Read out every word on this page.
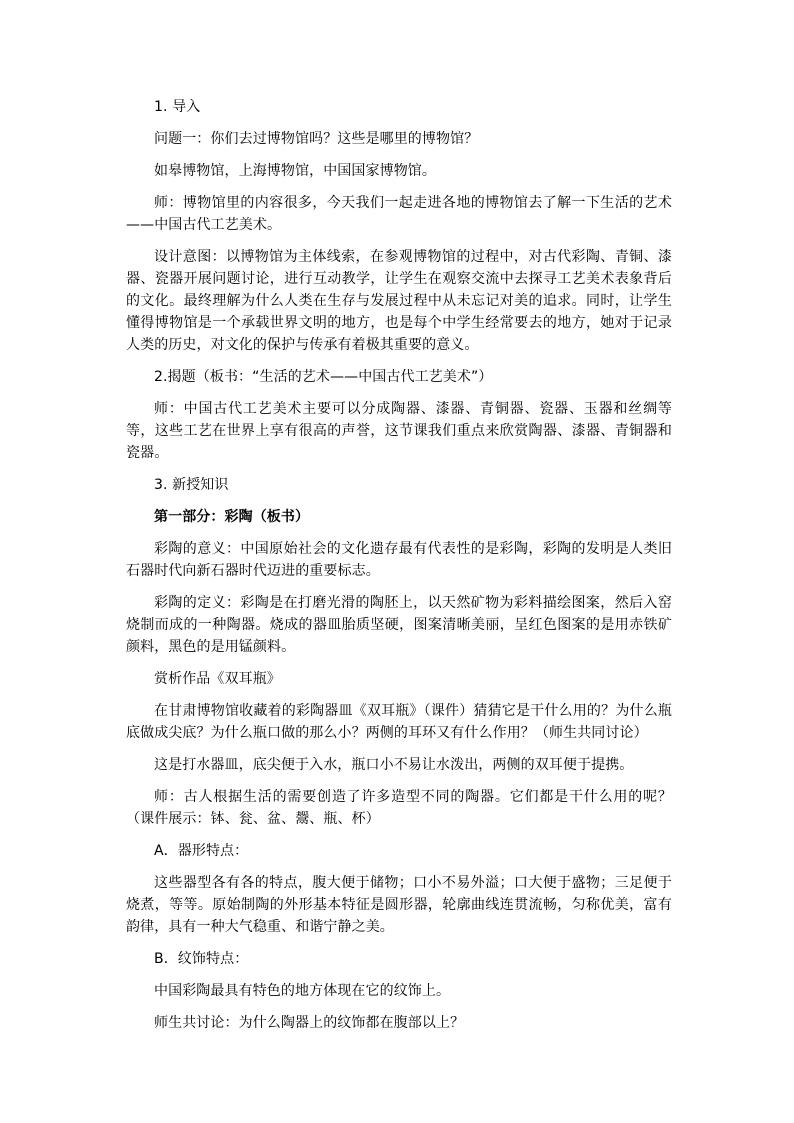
1. 导入

问题一：你们去过博物馆吗？这些是哪里的博物馆？

如皋博物馆，上海博物馆，中国国家博物馆。

师：博物馆里的内容很多，今天我们一起走进各地的博物馆去了解一下生活的艺术——中国古代工艺美术。

设计意图：以博物馆为主体线索，在参观博物馆的过程中，对古代彩陶、青铜、漆器、瓷器开展问题讨论，进行互动教学，让学生在观察交流中去探寻工艺美术表象背后的文化。最终理解为什么人类在生存与发展过程中从未忘记对美的追求。同时，让学生懂得博物馆是一个承载世界文明的地方，也是每个中学生经常要去的地方，她对于记录人类的历史，对文化的保护与传承有着极其重要的意义。

2.揭题（板书：“生活的艺术——中国古代工艺美术”）

师：中国古代工艺美术主要可以分成陶器、漆器、青铜器、瓷器、玉器和丝绸等等，这些工艺在世界上享有很高的声誉，这节课我们重点来欣赏陶器、漆器、青铜器和瓷器。

3. 新授知识

第一部分：彩陶（板书）

彩陶的意义：中国原始社会的文化遗存最有代表性的是彩陶，彩陶的发明是人类旧石器时代向新石器时代迈进的重要标志。

彩陶的定义：彩陶是在打磨光滑的陶胚上，以天然矿物为彩料描绘图案，然后入窑烧制而成的一种陶器。烧成的器皿胎质坚硬，图案清晰美丽，呈红色图案的是用赤铁矿颜料，黑色的是用锰颜料。

赏析作品《双耳瓶》

在甘肃博物馆收藏着的彩陶器皿《双耳瓶》（课件）猜猜它是干什么用的？为什么瓶底做成尖底？为什么瓶口做的那么小？两侧的耳环又有什么作用？（师生共同讨论）

这是打水器皿，底尖便于入水，瓶口小不易让水泼出，两侧的双耳便于提携。

师：古人根据生活的需要创造了许多造型不同的陶器。它们都是干什么用的呢？（课件展示：钵、瓮、盆、鬶、瓶、杯）

A．器形特点：

这些器型各有各的特点，腹大便于储物；口小不易外溢；口大便于盛物；三足便于烧煮，等等。原始制陶的外形基本特征是圆形器，轮廓曲线连贯流畅，匀称优美，富有韵律，具有一种大气稳重、和谐宁静之美。

B．纹饰特点：

中国彩陶最具有特色的地方体现在它的纹饰上。

师生共讨论：为什么陶器上的纹饰都在腹部以上？
